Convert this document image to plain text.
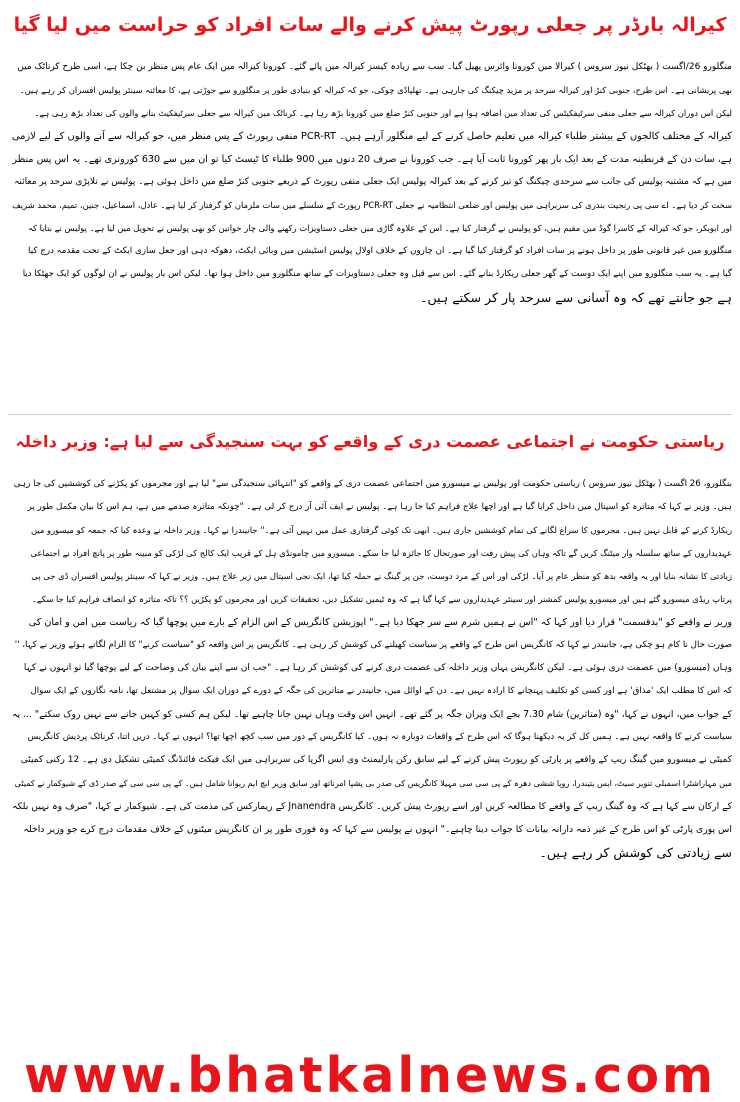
کیرالہ بارڈر پر جعلی رپورٹ پیش کرنے والے سات افراد کو حراست میں لیا گیا
منگلورو 26/اگست ( بھٹکل نیوز سروس ) کیرالا میں کورونا وائرس پھیل گیا۔ سب سے زیادہ کیسز کیرالہ میں پائے گئے۔ کورونا کیرالہ میں ایک عام پس منظر بن چکا ہے، اسی طرح کرناٹک میں
بھی پریشانی ہے۔ اس طرح، جنوبی کنڑ اور کیرالہ سرحد پر مزید چیکنگ کی جارہی ہے۔ تھلپاڈی چوکی، جو کہ کیرالہ کو بنیادی طور پر منگلورو سے جوڑتی ہے، کا معائنہ سینئر پولیس افسران کر رہے ہیں۔
لیکن اس دوران کیرالہ سے جعلی منفی سرٹیفکیٹس کی تعداد میں اضافہ ہوا ہے اور جنوبی کنڑ ضلع میں کورونا بڑھ رہا ہے۔ کرناٹک میں کیرالہ سے جعلی سرٹیفکیٹ بنانے والوں کی تعداد بڑھ رہی ہے۔
کیرالہ کے مختلف کالجوں کے بیشتر طلباء کیرالہ میں تعلیم حاصل کرنے کے لیے منگلور آرہے ہیں۔ PCR-RT منفی رپورٹ کے پس منظر میں، جو کیرالہ سے آنے والوں کے لیے لازمی
ہے، سات دن کے قرنطینہ مدت کے بعد ایک بار پھر کورونا ثابت آیا ہے۔ جب کورونا نے صرف 20 دنوں میں 900 طلباء کا ٹیسٹ کیا تو ان میں سے 630 کورونری تھے۔ یہ اس پس منظر
میں ہے کہ مشتبہ پولیس کی جانب سے سرحدی چیکنگ کو تیز کرنے کے بعد کیرالہ پولیس ایک جعلی منفی رپورٹ کے ذریعے جنوبی کنڑ ضلع میں داخل ہوئی ہے۔ پولیس نے تلاپڑی سرحد پر معائنہ
سخت کر دیا ہے۔ اے سی پی رنجیت بندری کی سربراہی میں پولیس اور ضلعی انتظامیہ نے جعلی PCR-RT رپورٹ کے سلسلے میں سات ملزمان کو گرفتار کر لیا ہے۔ عادل، اسماعیل، جنین، تمیم، محمد شریف
اور ابوبکر، جو کہ کیرالہ کے کاسرا گوڈ میں مقیم ہیں، کو پولیس نے گرفتار کیا ہے۔ اس کے علاوہ گاڑی میں جعلی دستاویزات رکھنے والی چار خواتین کو بھی پولیس نے تحویل میں لیا ہے۔ پولیس نے بتایا کہ
منگلورو میں غیر قانونی طور پر داخل ہونے پر سات افراد کو گرفتار کیا گیا ہے۔ ان چاروں کے خلاف اولال پولیس اسٹیشن میں وبائی ایکٹ، دھوکہ دہی اور جعل سازی ایکٹ کے تحت مقدمہ درج کیا
گیا ہے۔ یہ سب منگلورو میں اپنے ایک دوست کے گھر جعلی ریکارڈ بنانے گئے۔ اس سے قبل وہ جعلی دستاویزات کے ساتھ منگلورو میں داخل ہوا تھا۔ لیکن اس بار پولیس نے ان لوگوں کو ایک جھٹکا دیا
ہے جو جانتے تھے کہ وہ آسانی سے سرحد پار کر سکتے ہیں۔
ریاستی حکومت نے اجتماعی عصمت دری کے واقعے کو بہت سنجیدگی سے لیا ہے: وزیر داخلہ
بنگلورو، 26 اگست ( بھٹکل نیوز سروس ) ریاستی حکومت اور پولیس نے میسورو میں اجتماعی عصمت دری کے واقعے کو "انتہائی سنجیدگی سے" لیا ہے اور مجرموں کو پکڑنے کی کوششیں کی جا رہی
ہیں۔ وزیر نے کہا کہ متاثرہ کو اسپتال میں داخل کرایا گیا ہے اور اچھا علاج فراہم کیا جا رہا ہے۔ پولیس نے ایف آئی آر درج کر لی ہے۔ "چونکہ متاثرہ صدمے میں ہے، ہم اس کا بیان مکمل طور پر
ریکارڈ کرنے کے قابل نہیں ہیں۔ مجرموں کا سراغ لگانے کی تمام کوششیں جاری ہیں۔ ابھی تک کوئی گرفتاری عمل میں نہیں آئی ہے۔'' جانیندرا نے کہا۔ وزیر داخلہ نے وعدہ کیا کہ جمعہ کو میسورو میں
عہدیداروں کے ساتھ سلسلہ وار میٹنگ کریں گے تاکہ وہاں کی پیش رفت اور صورتحال کا جائزہ لیا جا سکے۔ میسورو میں چامونڈی ہل کے قریب ایک کالج کی لڑکی کو مبینہ طور پر پانچ افراد نے اجتماعی
زیادتی کا نشانہ بنایا اور یہ واقعہ بدھ کو منظر عام پر آیا۔ لڑکی اور اس کے مرد دوست، جن پر گینگ نے حملہ کیا تھا، ایک نجی اسپتال میں زیر علاج ہیں۔ وزیر نے کہا کہ سینئر پولیس افسران ڈی جی پی
پرتاپ ریڈی میسورو گئے ہیں اور میسورو پولیس کمشنر اور سینئر عہدیداروں سے کہا گیا ہے کہ وہ ٹیمیں تشکیل دیں، تحقیقات کریں اور مجرموں کو پکڑیں ؟؟ تاکہ متاثرہ کو انصاف فراہم کیا جا سکے۔
وزیر نے واقعے کو "بدقسمت" قرار دیا اور کہا کہ "اس نے ہمیں شرم سے سر جھکا دیا ہے۔" اپوزیشن کانگریس کے اس الزام کے بارے میں پوچھا گیا کہ ریاست میں امن و امان کی
صورت حال نا کام ہو چکی ہے، جانیندر نے کہا کہ کانگریس اس طرح کے واقعے پر سیاست کھیلنے کی کوشش کر رہی ہے۔ کانگریس پر اس واقعہ کو "سیاست کرنے" کا الزام لگاتے ہوئے وزیر نے کہا، ''
وہاں (میسورو) میں عصمت دری ہوئی ہے۔ لیکن کانگریس یہاں وزیر داخلہ کی عصمت دری کرنے کی کوشش کر رہا ہے۔ "جب ان سے اپنے بیان کی وضاحت کے لیے پوچھا گیا تو انہوں نے کہا
کہ اس کا مطلب ایک 'مذاق' ہے اور کسی کو تکلیف پہنچانے کا ارادہ نہیں ہے۔ دن کے اوائل میں، جانیندر نے متاثرین کی جگہ کے دورے کے دوران ایک سوال پر مشتعل تھا، نامہ نگاروں کے ایک سوال
کے جواب میں، انہوں نے کہا، "وہ (متاثرین) شام 7.30 بجے ایک ویران جگہ پر گئے تھے۔ انہیں اس وقت وہاں نہیں جانا چاہیے تھا۔ لیکن ہم کسی کو کہیں جانے سے نہیں روک سکتے" ... یہ
سیاست کرنے کا واقعہ نہیں ہے۔ ہمیں کل کر یہ دیکھنا ہوگا کہ اس طرح کے واقعات دوبارہ نہ ہوں۔ کیا کانگریس کے دور میں سب کچھ اچھا تھا؟ انہوں نے کہا۔ دریں اثنا، کرناٹک پردیش کانگریس
کمیٹی نے میسورو میں گینگ ریپ کے واقعے پر پارٹی کو رپورٹ پیش کرنے کے لیے سابق رکن پارلیمنٹ وی ایس اگرپا کی سربراہی میں ایک فیکٹ فائنڈنگ کمیٹی تشکیل دی ہے۔ 12 رکنی کمیٹی
میں مہاراشٹرا اسمبلی تنویر سیٹ، ایس یتیندرا، روپا ششی دھرہ کے پی سی سی مہیلا کانگریس کی صدر بی پشپا امرناتھ اور سابق وزیر ایچ ایم ریوانا شامل ہیں۔ کے پی سی سی کے صدر ڈی کے شیوکمار نے کمیٹی
کے ارکان سے کہا ہے کہ وہ گینگ ریپ کے واقعے کا مطالعہ کریں اور اسے رپورٹ پیش کریں۔ کانگریس Jnanendra کے ریمارکس کی مذمت کی ہے۔ شیوکمار نے کہا، "صرف وہ نہیں بلکہ
اس پوری پارٹی کو اس طرح کے غیر ذمہ دارانہ بیانات کا جواب دینا چاہیے۔" انہوں نے پولیس سے کہا کہ وہ فوری طور پر ان کانگریس میٹنوں کے خلاف مقدمات درج کرے جو وزیر داخلہ
سے زیادتی کی کوشش کر رہے ہیں۔
www.bhatkalnews.com
